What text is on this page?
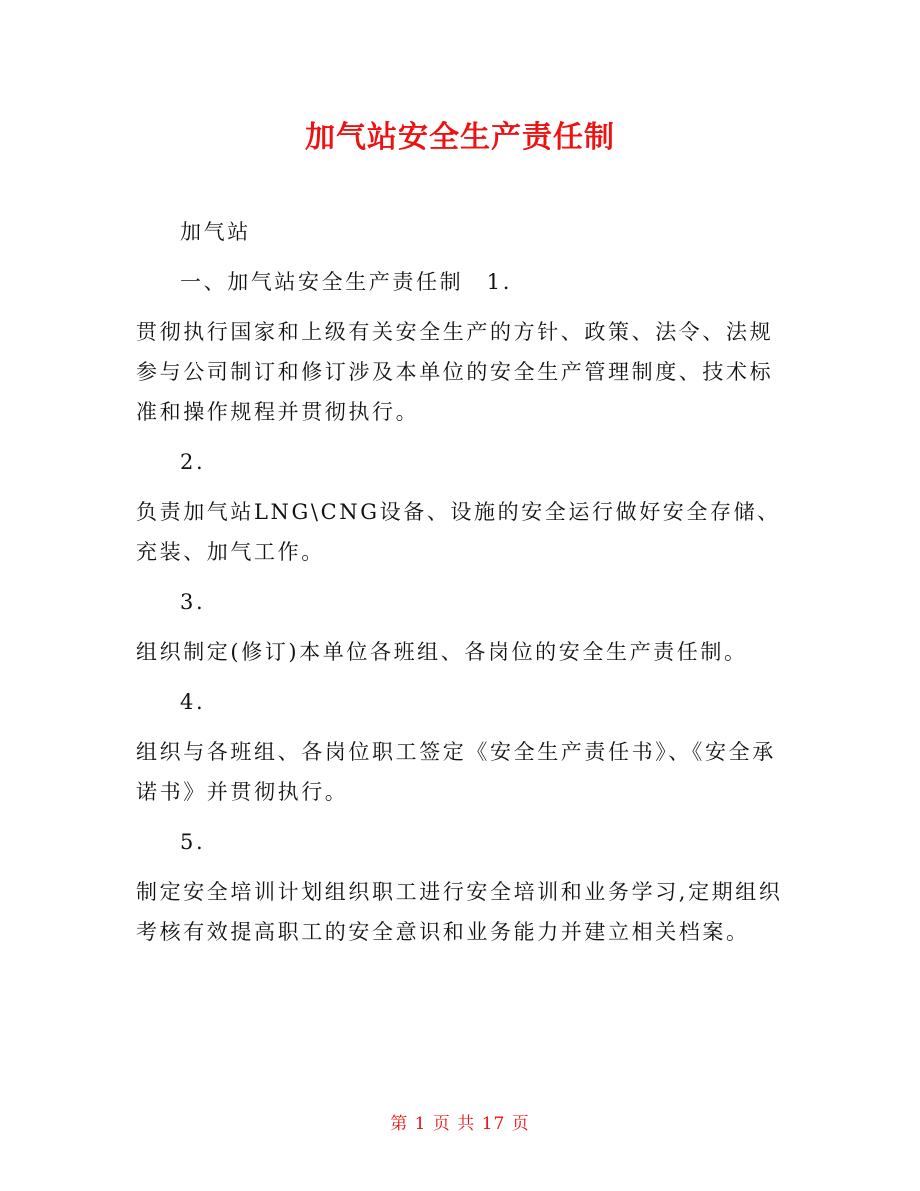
加气站安全生产责任制

加气站

一、加气站安全生产责任制　1.

贯彻执行国家和上级有关安全生产的方针、政策、法令、法规参与公司制订和修订涉及本单位的安全生产管理制度、技术标准和操作规程并贯彻执行。

2.

负责加气站LNG\CNG设备、设施的安全运行做好安全存储、充装、加气工作。

3.

组织制定(修订)本单位各班组、各岗位的安全生产责任制。

4.

组织与各班组、各岗位职工签定《安全生产责任书》、《安全承诺书》并贯彻执行。

5.

制定安全培训计划组织职工进行安全培训和业务学习,定期组织考核有效提高职工的安全意识和业务能力并建立相关档案。

第 1 页 共 17 页
